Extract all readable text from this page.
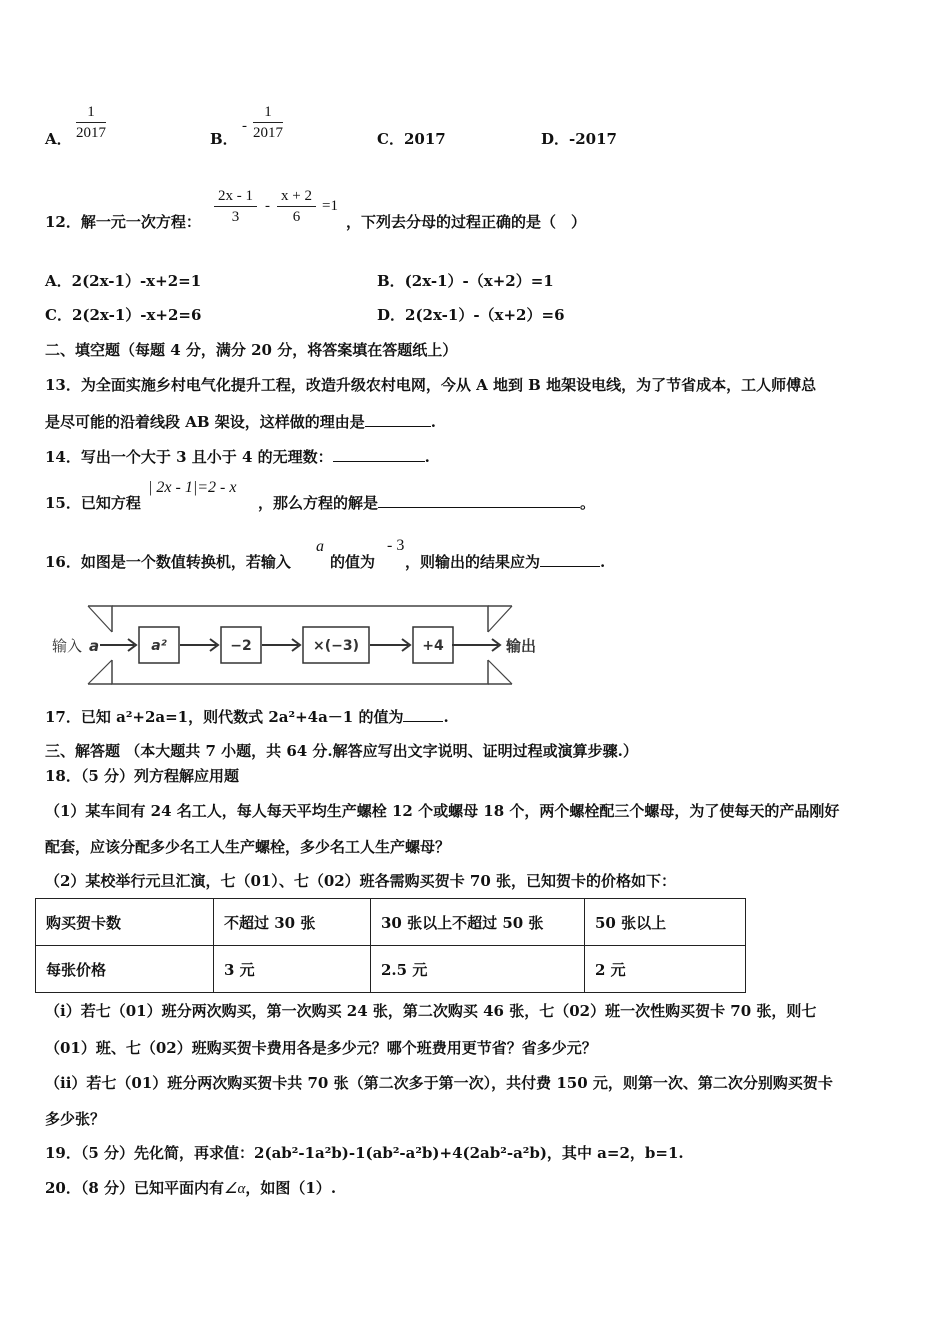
A． $\frac{1}{2017}$	B．
- $\frac{1}{2017}$	C．2017	D．-2017
12．解一元一次方程： $\frac{2x - 1}{3} - \frac{x + 2}{6} =1$
，下列去分母的过程正确的是（　）
A．2(2x-1）-x+2=1	B．(2x-1）-（x+2）=1
C．2(2x-1）-x+2=6	D．2(2x-1）-（x+2）=6
二、填空题（每题 4 分，满分 20 分，将答案填在答题纸上）
13．为全面实施乡村电气化提升工程，改造升级农村电网，今从 A 地到 B 地架设电线，为了节省成本，工人师傅总
是尽可能的沿着线段 AB 架设，这样做的理由是	.
14．写出一个大于 3 且小于 4 的无理数：	.
15．已知方程
| 2x - 1|=2 - x
，那么方程的解是	。
16．如图是一个数值转换机，若输入
a
的值为
- 3
，则输出的结果应为	.
输入 a	a²	−2	×(−3)	+4	输出
17．已知 a²+2a=1，则代数式 2a²+4a－1 的值为	.
三、解答题 （本大题共 7 小题，共 64 分.解答应写出文字说明、证明过程或演算步骤.）
18．（5 分）列方程解应用题
（1）某车间有 24 名工人，每人每天平均生产螺栓 12 个或螺母 18 个，两个螺栓配三个螺母，为了使每天的产品刚好
配套，应该分配多少名工人生产螺栓，多少名工人生产螺母？
（2）某校举行元旦汇演，七（01）、七（02）班各需购买贺卡 70 张，已知贺卡的价格如下：
购买贺卡数	不超过 30 张	30 张以上不超过 50 张	50 张以上
每张价格	3 元	2.5 元	2 元
（i）若七（01）班分两次购买，第一次购买 24 张，第二次购买 46 张，七（02）班一次性购买贺卡 70 张，则七
（01）班、七（02）班购买贺卡费用各是多少元？哪个班费用更节省？省多少元？
（ii）若七（01）班分两次购买贺卡共 70 张（第二次多于第一次），共付费 150 元，则第一次、第二次分别购买贺卡
多少张？
19．（5 分）先化简，再求值：2(ab²-1a²b)-1(ab²-a²b)+4(2ab²-a²b)，其中 a=2，b=1.
20．（8 分）已知平面内有∠α，如图（1）.
